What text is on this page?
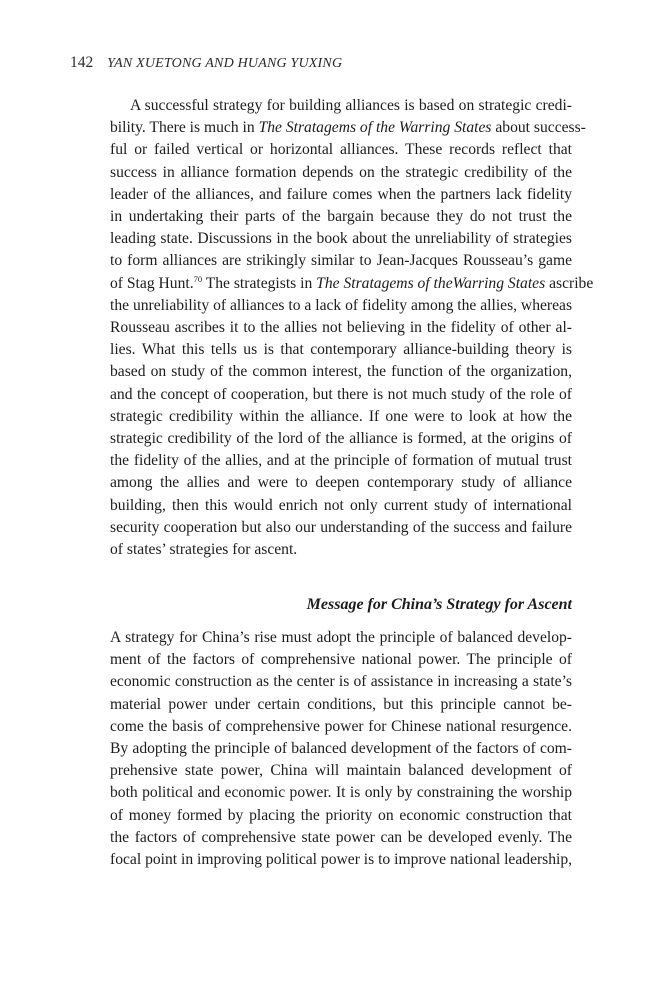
142 YAN XUETONG AND HUANG YUXING
A successful strategy for building alliances is based on strategic credi-
bility. There is much in The Stratagems of the Warring States about success-
ful or failed vertical or horizontal alliances. These records reflect that
success in alliance formation depends on the strategic credibility of the
leader of the alliances, and failure comes when the partners lack fidelity
in undertaking their parts of the bargain because they do not trust the
leading state. Discussions in the book about the unreliability of strategies
to form alliances are strikingly similar to Jean-Jacques Rousseau’s game
of Stag Hunt.$^{70}$ The strategists in The Stratagems of theWarring States ascribe
the unreliability of alliances to a lack of fidelity among the allies, whereas
Rousseau ascribes it to the allies not believing in the fidelity of other al-
lies. What this tells us is that contemporary alliance-building theory is
based on study of the common interest, the function of the organization,
and the concept of cooperation, but there is not much study of the role of
strategic credibility within the alliance. If one were to look at how the
strategic credibility of the lord of the alliance is formed, at the origins of
the fidelity of the allies, and at the principle of formation of mutual trust
among the allies and were to deepen contemporary study of alliance
building, then this would enrich not only current study of international
security cooperation but also our understanding of the success and failure
of states’ strategies for ascent.
Message for China’s Strategy for Ascent
A strategy for China’s rise must adopt the principle of balanced develop-
ment of the factors of comprehensive national power. The principle of
economic construction as the center is of assistance in increasing a state’s
material power under certain conditions, but this principle cannot be-
come the basis of comprehensive power for Chinese national resurgence.
By adopting the principle of balanced development of the factors of com-
prehensive state power, China will maintain balanced development of
both political and economic power. It is only by constraining the worship
of money formed by placing the priority on economic construction that
the factors of comprehensive state power can be developed evenly. The
focal point in improving political power is to improve national leadership,
